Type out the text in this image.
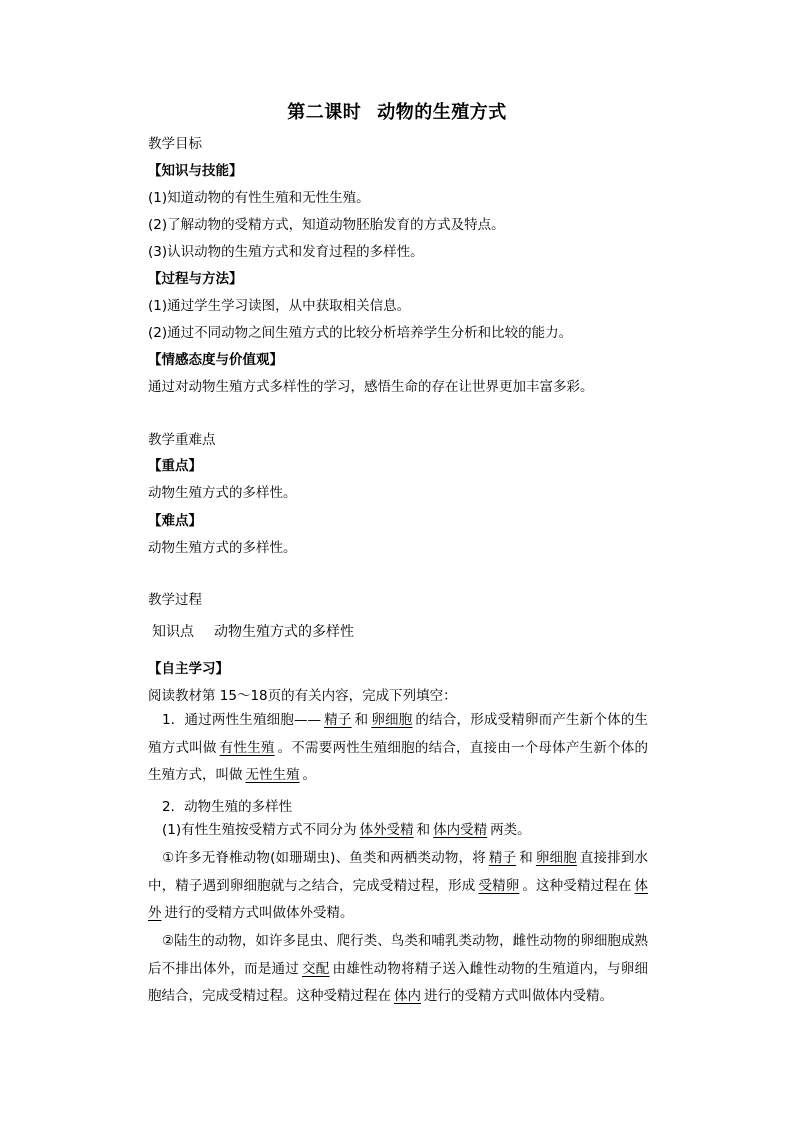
第二课时 动物的生殖方式
教学目标
【知识与技能】
(1)知道动物的有性生殖和无性生殖。
(2)了解动物的受精方式，知道动物胚胎发育的方式及特点。
(3)认识动物的生殖方式和发育过程的多样性。
【过程与方法】
(1)通过学生学习读图，从中获取相关信息。
(2)通过不同动物之间生殖方式的比较分析培养学生分析和比较的能力。
【情感态度与价值观】
通过对动物生殖方式多样性的学习，感悟生命的存在让世界更加丰富多彩。
教学重难点
【重点】
动物生殖方式的多样性。
【难点】
动物生殖方式的多样性。
教学过程
知识点 动物生殖方式的多样性
【自主学习】
阅读教材第 15～18页的有关内容，完成下列填空：
1．通过两性生殖细胞—— 精子 和 卵细胞 的结合，形成受精卵而产生新个体的生殖方式叫做 有性生殖 。不需要两性生殖细胞的结合，直接由一个母体产生新个体的生殖方式，叫做 无性生殖 。
2．动物生殖的多样性
(1)有性生殖按受精方式不同分为 体外受精 和 体内受精 两类。
①许多无脊椎动物(如珊瑚虫)、鱼类和两栖类动物，将 精子 和 卵细胞 直接排到水中，精子遇到卵细胞就与之结合，完成受精过程，形成 受精卵 。这种受精过程在 体外 进行的受精方式叫做体外受精。
②陆生的动物，如许多昆虫、爬行类、鸟类和哺乳类动物，雌性动物的卵细胞成熟后不排出体外，而是通过 交配 由雄性动物将精子送入雌性动物的生殖道内，与卵细胞结合，完成受精过程。这种受精过程在 体内 进行的受精方式叫做体内受精。
